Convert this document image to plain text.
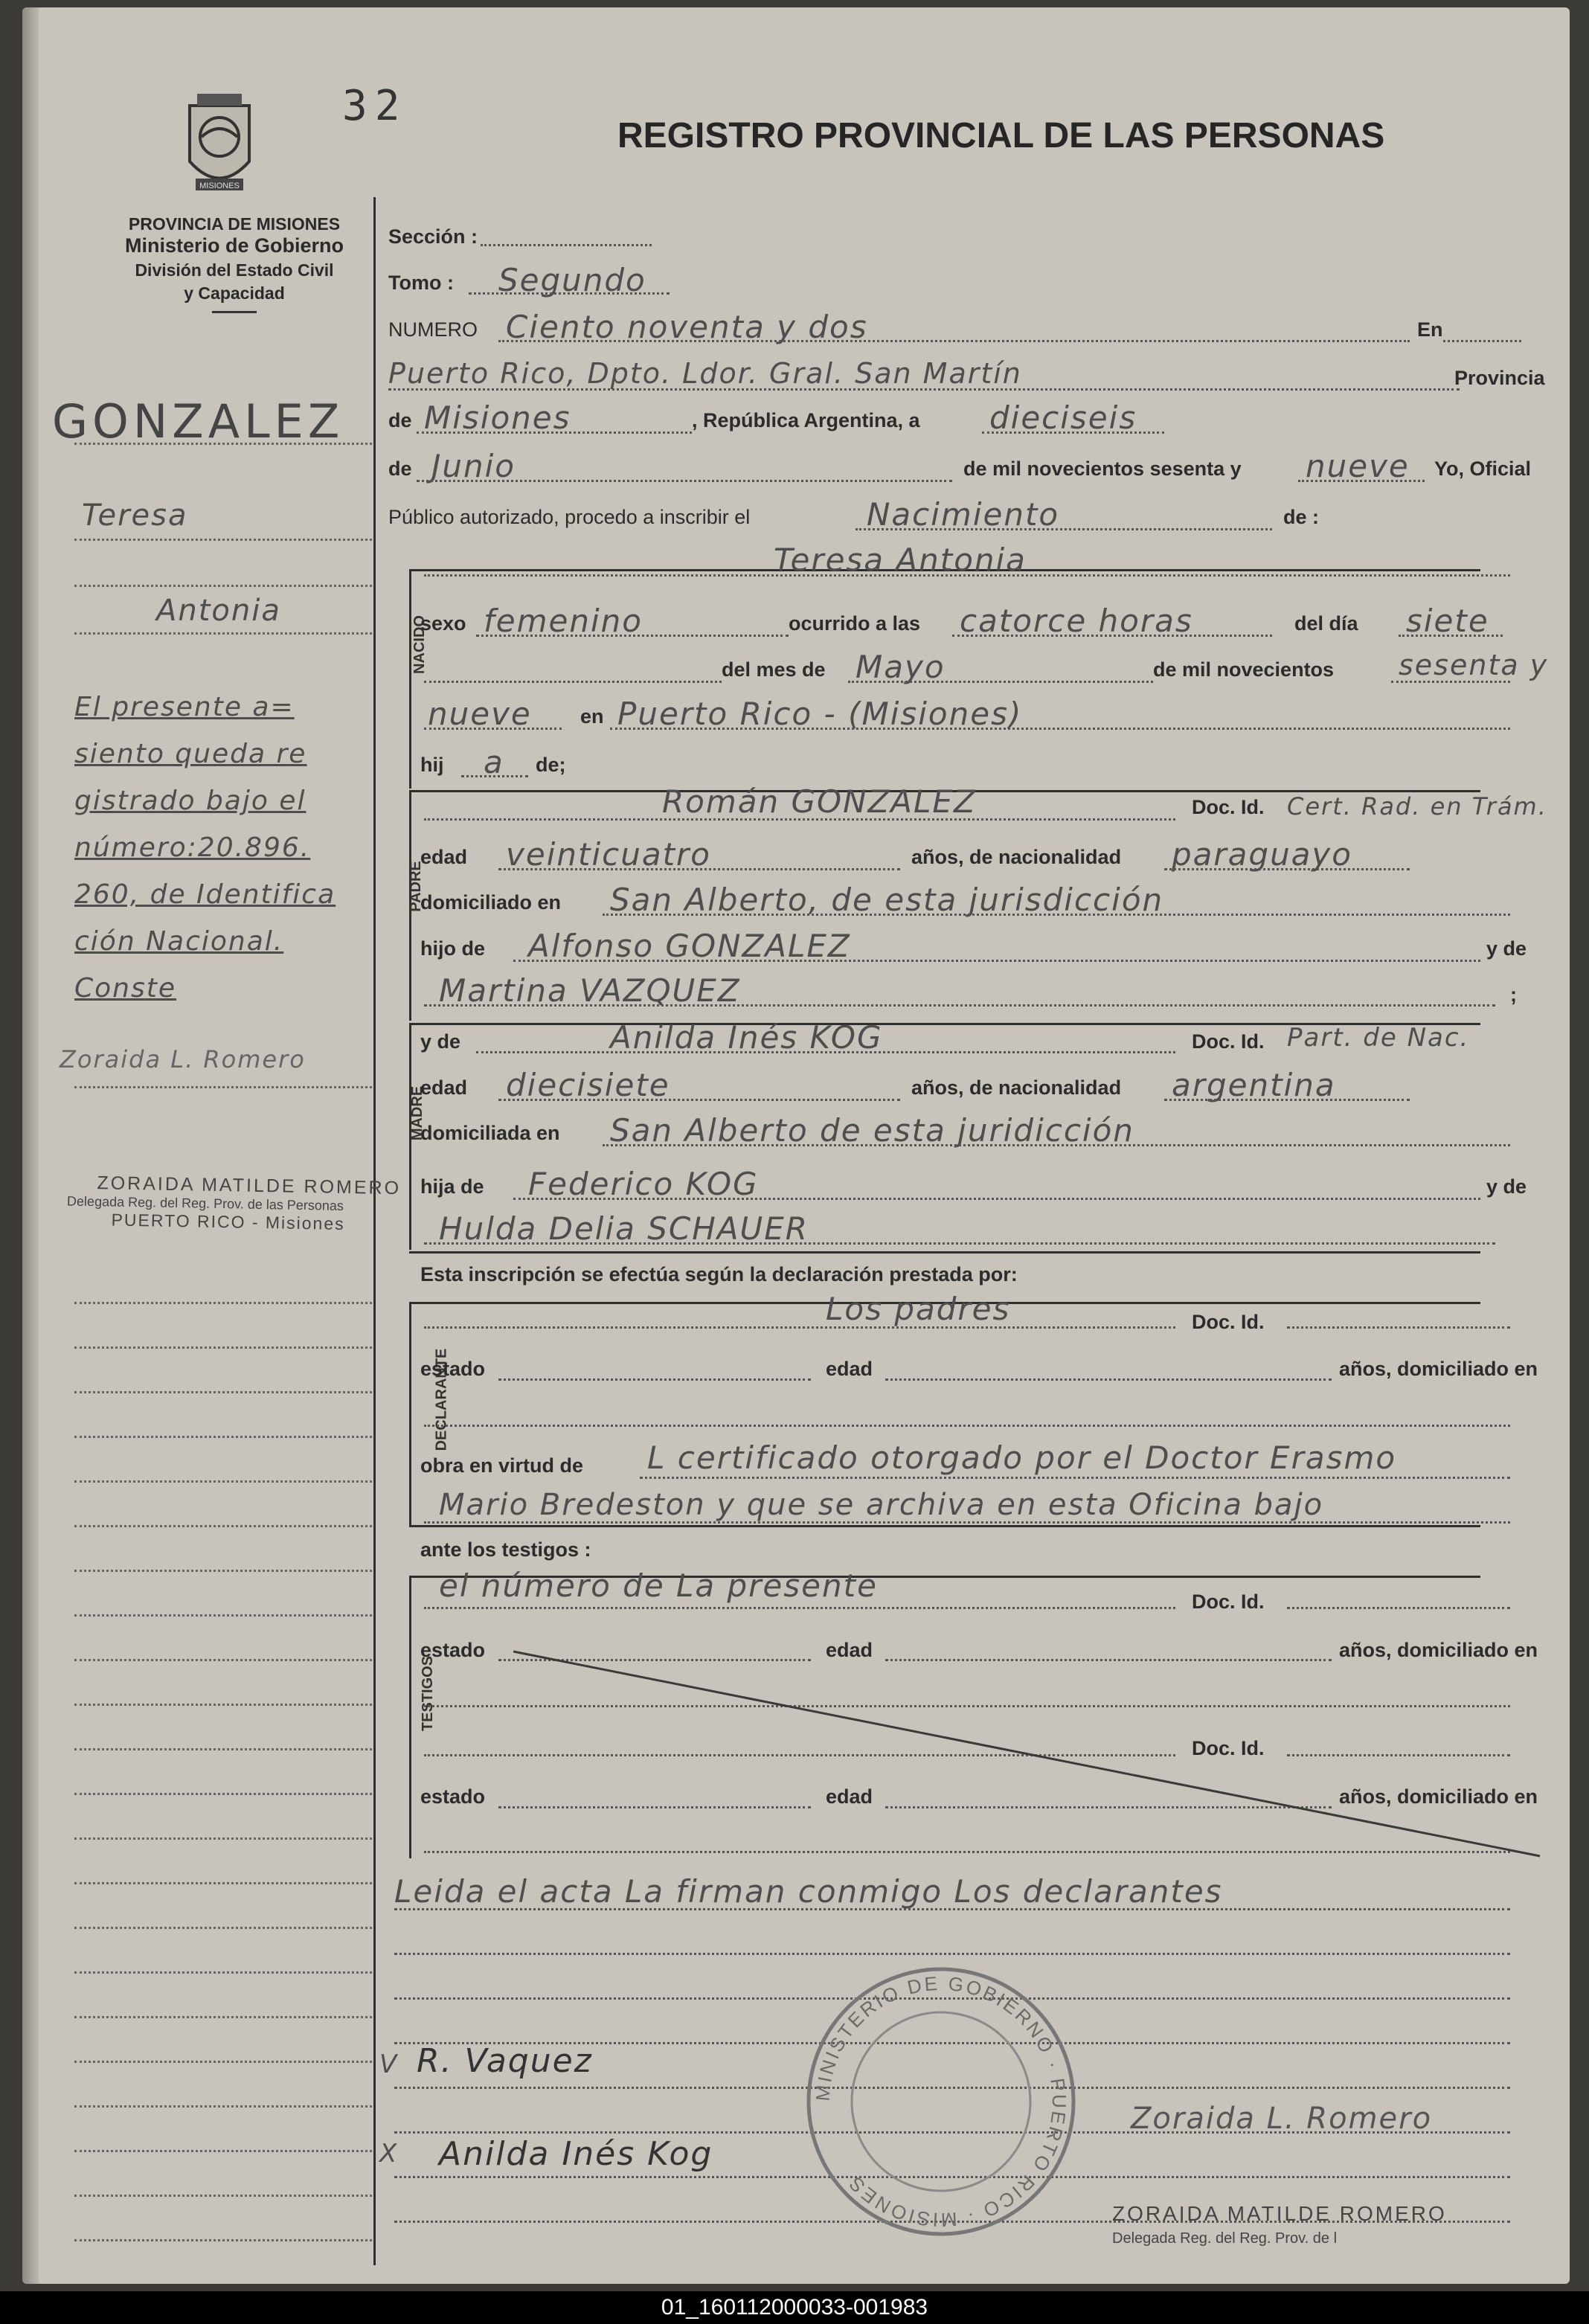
MISIONES
32
REGISTRO PROVINCIAL DE LAS PERSONAS
PROVINCIA DE MISIONES
Ministerio de Gobierno
División del Estado Civil
y Capacidad
GONZALEZ
Teresa
Antonia
El presente a=
siento queda re
gistrado bajo el
número:20.896.
260, de Identifica
ción Nacional.
Conste
Zoraida L. Romero
ZORAIDA MATILDE ROMERO
Delegada Reg. del Reg. Prov. de las Personas
PUERTO RICO - Misiones
Sección :
Tomo : Segundo
NUMERO Ciento noventa y dos	En
Puerto Rico, Dpto. Ldor. Gral. San Martín	Provincia
de Misiones	, República Argentina, a dieciseis
de Junio	de mil novecientos sesenta y nueve Yo, Oficial
Público autorizado, procedo a inscribir el	Nacimiento	de :
NACIDO
Teresa Antonia
sexo femenino	ocurrido a las catorce horas	del día siete
del mes de Mayo	de mil novecientos sesenta y
nueve en Puerto Rico - (Misiones)
hij a de;
PADRE
Román GONZALEZ	Doc. Id. Cert. Rad. en Trám.
edad veinticuatro	años, de nacionalidad paraguayo
domiciliado en San Alberto, de esta jurisdicción
hijo de Alfonso GONZALEZ	y de
Martina VAZQUEZ	;
MADRE
y de	Anilda Inés KOG	Doc. Id. Part. de Nac.
edad diecisiete	años, de nacionalidad argentina
domiciliada en San Alberto de esta juridicción
hija de Federico KOG	y de
Hulda Delia SCHAUER
Esta inscripción se efectúa según la declaración prestada por:
DECLARANTE
Los padres	Doc. Id.
estado	edad	años, domiciliado en
obra en virtud de L certificado otorgado por el Doctor Erasmo
Mario Bredeston y que se archiva en esta Oficina bajo
ante los testigos :
TESTIGOS
el número de La presente	Doc. Id.
estado	edad	años, domiciliado en
Doc. Id.
estado	edad	años, domiciliado en
Leida el acta La firman conmigo Los declarantes
V R. Vaquez
X Anilda Inés Kog
Zoraida L. Romero
MINISTERIO DE GOBIERNO · PUERTO RICO · MISIONES
ZORAIDA MATILDE ROMERO
Delegada Reg. del Reg. Prov. de l
01_160112000033-001983
